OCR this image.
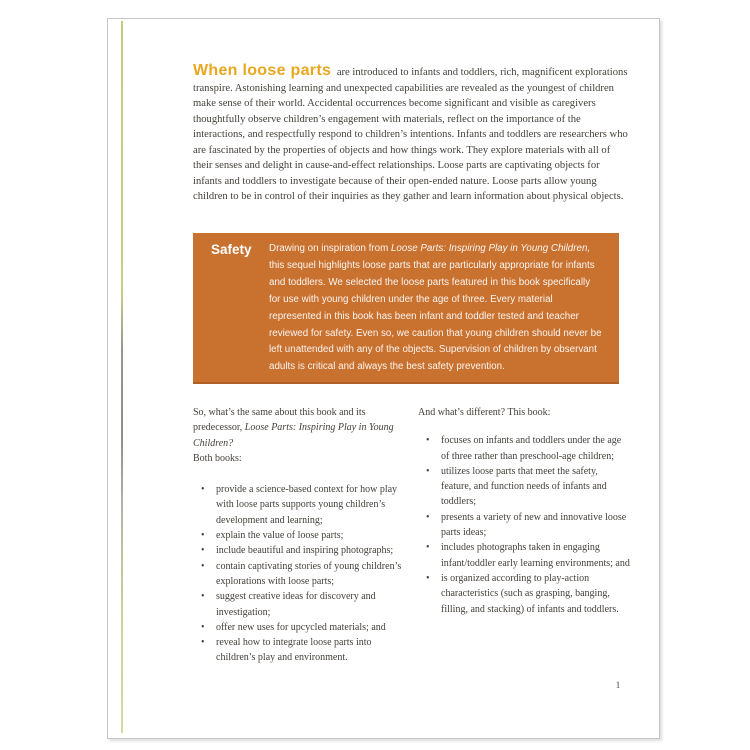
When loose parts are introduced to infants and toddlers, rich, magnificent explorations transpire. Astonishing learning and unexpected capabilities are revealed as the youngest of children make sense of their world. Accidental occurrences become significant and visible as caregivers thoughtfully observe children’s engagement with materials, reflect on the importance of the interactions, and respectfully respond to children’s intentions. Infants and toddlers are researchers who are fascinated by the properties of objects and how things work. They explore materials with all of their senses and delight in cause-and-effect relationships. Loose parts are captivating objects for infants and toddlers to investigate because of their open-ended nature. Loose parts allow young children to be in control of their inquiries as they gather and learn information about physical objects.

Safety Drawing on inspiration from Loose Parts: Inspiring Play in Young Children, this sequel highlights loose parts that are particularly appropriate for infants and toddlers. We selected the loose parts featured in this book specifically for use with young children under the age of three. Every material represented in this book has been infant and toddler tested and teacher reviewed for safety. Even so, we caution that young children should never be left unattended with any of the objects. Supervision of children by observant adults is critical and always the best safety prevention.

So, what’s the same about this book and its predecessor, Loose Parts: Inspiring Play in Young Children?
Both books:

•	provide a science-based context for how play with loose parts supports young children’s development and learning;
•	explain the value of loose parts;
•	include beautiful and inspiring photographs;
•	contain captivating stories of young children’s explorations with loose parts;
•	suggest creative ideas for discovery and investigation;
•	offer new uses for upcycled materials; and
•	reveal how to integrate loose parts into children’s play and environment.

And what’s different? This book:

•	focuses on infants and toddlers under the age of three rather than preschool-age children;
•	utilizes loose parts that meet the safety, feature, and function needs of infants and toddlers;
•	presents a variety of new and innovative loose parts ideas;
•	includes photographs taken in engaging infant/toddler early learning environments; and
•	is organized according to play-action characteristics (such as grasping, banging, filling, and stacking) of infants and toddlers.
1
